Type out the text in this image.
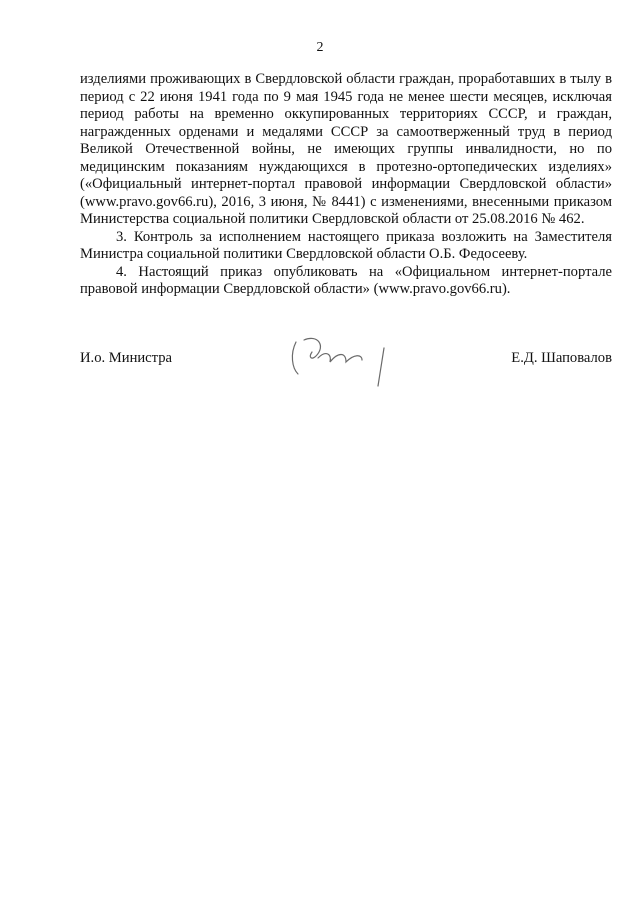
2

изделиями проживающих в Свердловской области граждан, проработавших в тылу в период с 22 июня 1941 года по 9 мая 1945 года не менее шести месяцев, исключая период работы на временно оккупированных территориях СССР, и граждан, награжденных орденами и медалями СССР за самоотверженный труд в период Великой Отечественной войны, не имеющих группы инвалидности, но по медицинским показаниям нуждающихся в протезно-ортопедических изделиях» («Официальный интернет-портал правовой информации Свердловской области» (www.pravo.gov66.ru), 2016, 3 июня, № 8441) с изменениями, внесенными приказом Министерства социальной политики Свердловской области от 25.08.2016 № 462.

3. Контроль за исполнением настоящего приказа возложить на Заместителя Министра социальной политики Свердловской области О.Б. Федосееву.

4. Настоящий приказ опубликовать на «Официальном интернет-портале правовой информации Свердловской области» (www.pravo.gov66.ru).

И.о. Министра	Е.Д. Шаповалов
